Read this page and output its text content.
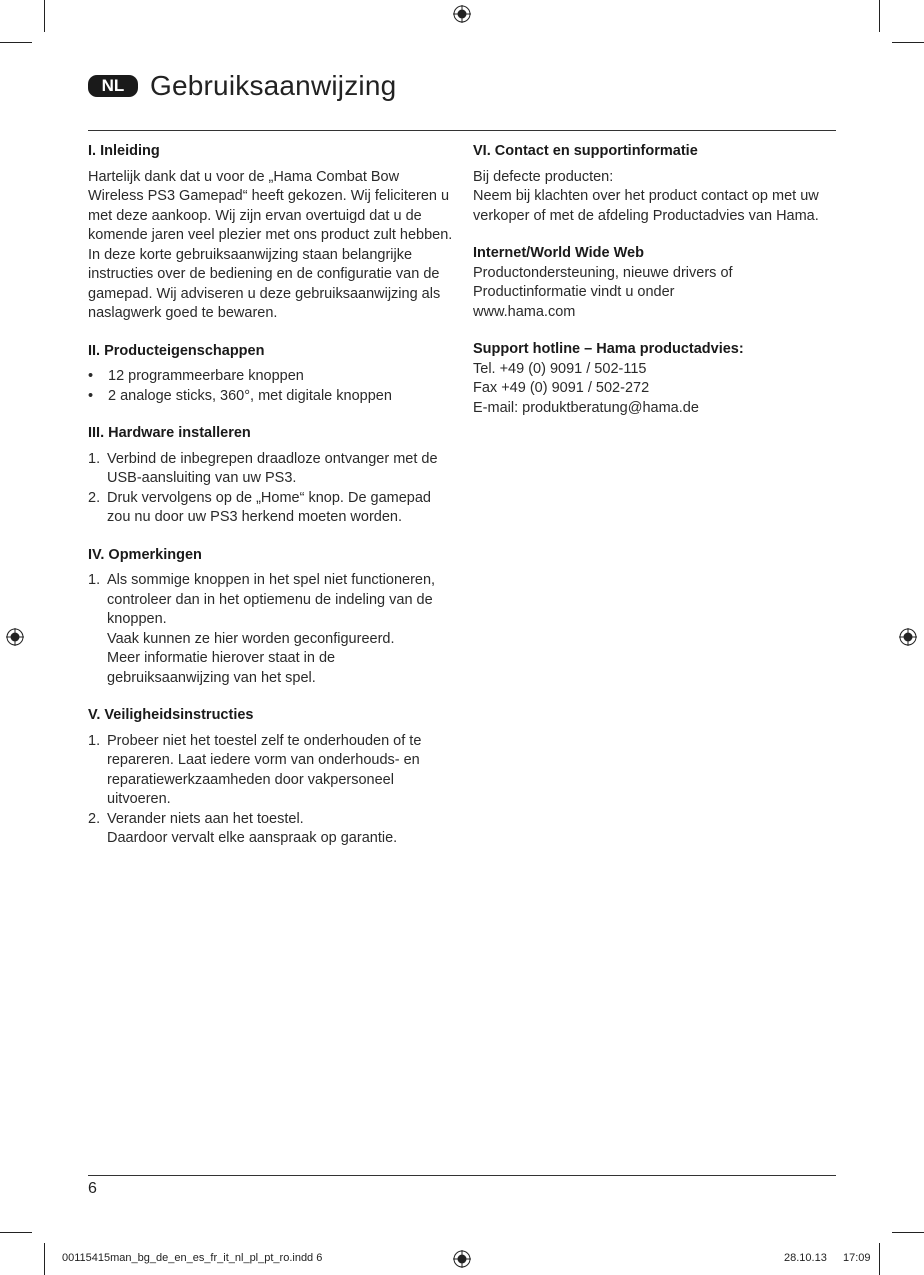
NL Gebruiksaanwijzing
I. Inleiding

Hartelijk dank dat u voor de „Hama Combat Bow Wireless PS3 Gamepad“ heeft gekozen. Wij feliciteren u met deze aankoop. Wij zijn ervan overtuigd dat u de komende jaren veel plezier met ons product zult hebben. In deze korte gebruiksaanwijzing staan belangrijke instructies over de bediening en de configuratie van de gamepad. Wij adviseren u deze gebruiksaanwijzing als naslagwerk goed te bewaren.

II. Producteigenschappen
• 12 programmeerbare knoppen
• 2 analoge sticks, 360°, met digitale knoppen
III. Hardware installeren
1. Verbind de inbegrepen draadloze ontvanger met de USB-aansluiting van uw PS3.
2. Druk vervolgens op de „Home“ knop. De gamepad zou nu door uw PS3 herkend moeten worden.
IV. Opmerkingen
1. Als sommige knoppen in het spel niet functioneren, controleer dan in het optiemenu de indeling van de knoppen.

Vaak kunnen ze hier worden geconfigureerd.

Meer informatie hierover staat in de gebruiksaanwijzing van het spel.

V. Veiligheidsinstructies
1. Probeer niet het toestel zelf te onderhouden of te repareren. Laat iedere vorm van onderhouds- en reparatiewerkzaamheden door vakpersoneel uitvoeren.

2. Verander niets aan het toestel.

Daardoor vervalt elke aanspraak op garantie.

VI. Contact en supportinformatie

Bij defecte producten:

Neem bij klachten over het product contact op met uw verkoper of met de afdeling Productadvies van Hama.

Internet/World Wide Web

Productondersteuning, nieuwe drivers of

Productinformatie vindt u onder

www.hama.com

Support hotline – Hama productadvies:

Tel. +49 (0) 9091 / 502-115

Fax +49 (0) 9091 / 502-272

E-mail: produktberatung@hama.de

6
00115415man_bg_de_en_es_fr_it_nl_pl_pt_ro.indd 6	28.10.13 17:09
